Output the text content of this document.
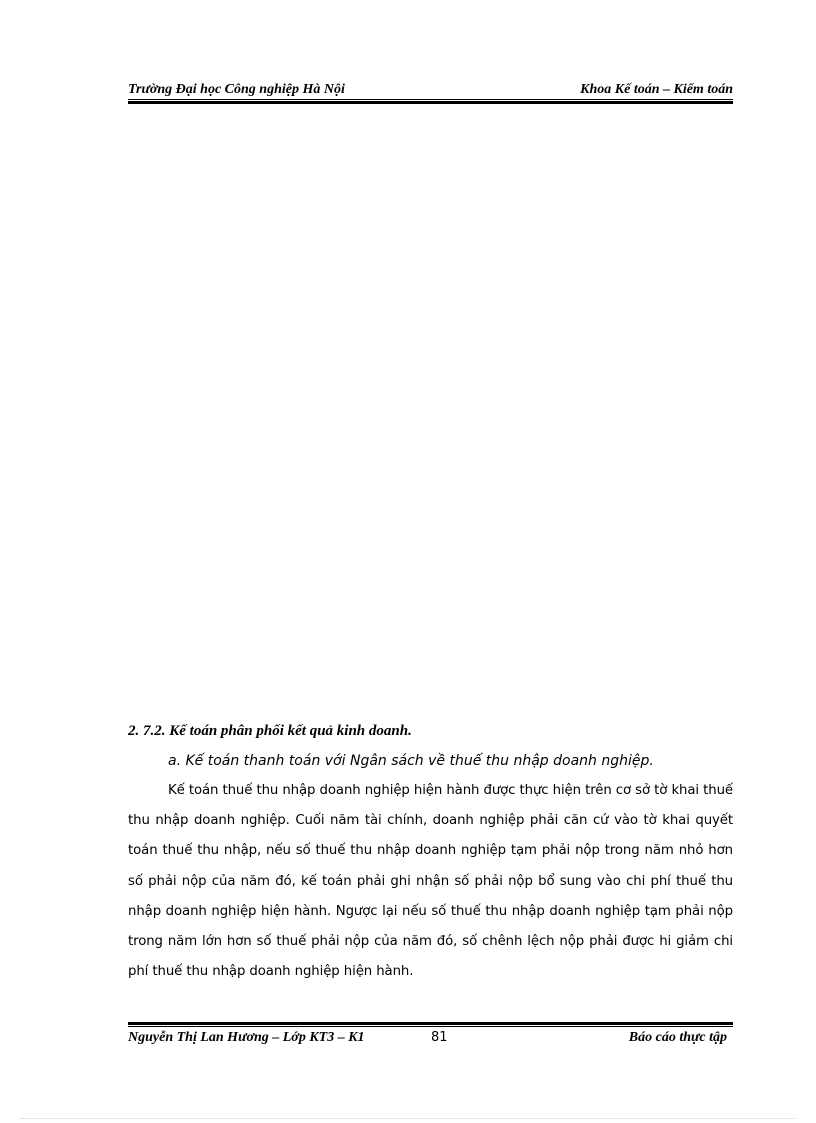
Trường Đại học Công nghiệp Hà Nội	Khoa Kế toán – Kiểm toán

2. 7.2. Kế toán phân phối kết quả kinh doanh.

a. Kế toán thanh toán với Ngân sách về thuế thu nhập doanh nghiệp.

Kế toán thuế thu nhập doanh nghiệp hiện hành được thực hiện trên cơ sở tờ khai thuế thu nhập doanh nghiệp. Cuối năm tài chính, doanh nghiệp phải căn cứ vào tờ khai quyết toán thuế thu nhập, nếu số thuế thu nhập doanh nghiệp tạm phải nộp trong năm nhỏ hơn số phải nộp của năm đó, kế toán phải ghi nhận số phải nộp bổ sung vào chi phí thuế thu nhập doanh nghiệp hiện hành. Ngược lại nếu số thuế thu nhập doanh nghiệp tạm phải nộp trong năm lớn hơn số thuế phải nộp của năm đó, số chênh lệch nộp phải được hi giảm chi phí thuế thu nhập doanh nghiệp hiện hành.

Nguyễn Thị Lan Hương – Lớp KT3 – K1	81	Báo cáo thực tập
